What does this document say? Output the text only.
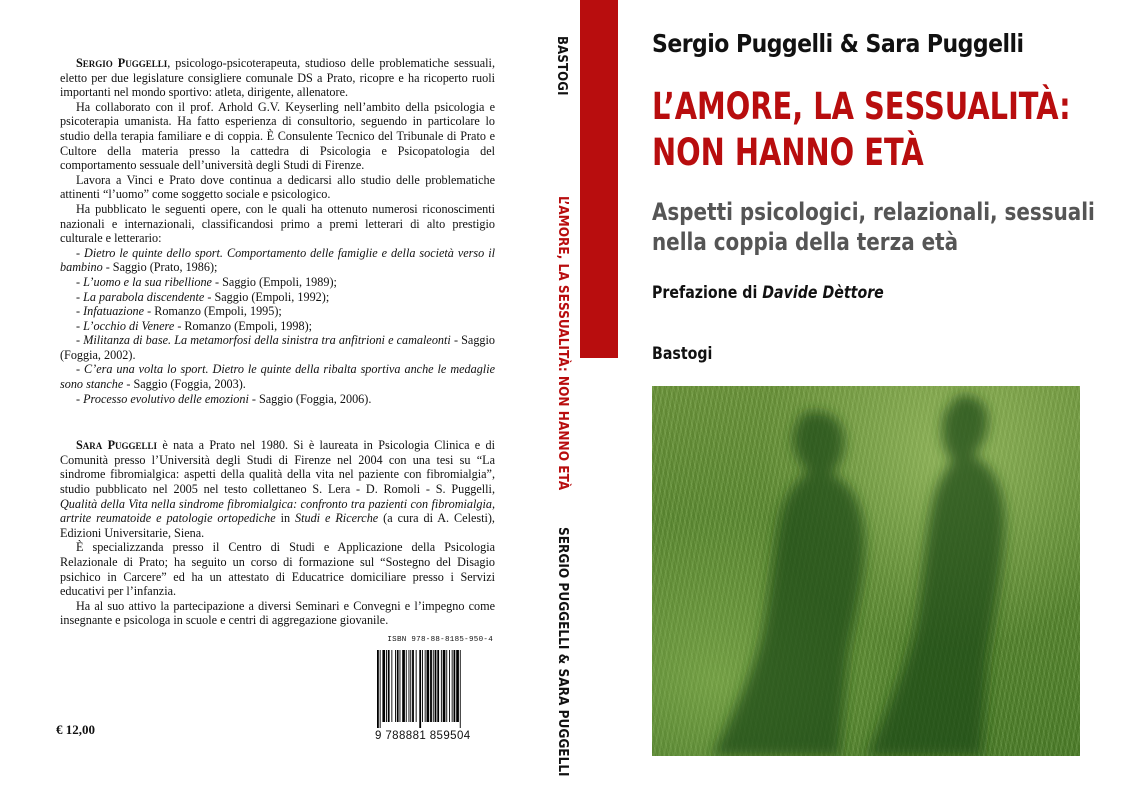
Sergio Puggelli, psicologo-psicoterapeuta, studioso delle problematiche sessuali, eletto per due legislature consigliere comunale DS a Prato, ricopre e ha ricoperto ruoli importanti nel mondo sportivo: atleta, dirigente, allenatore.

Ha collaborato con il prof. Arhold G.V. Keyserling nell’ambito della psicologia e psicoterapia umanista. Ha fatto esperienza di consultorio, seguendo in particolare lo studio della terapia familiare e di coppia. È Consulente Tecnico del Tribunale di Prato e Cultore della materia presso la cattedra di Psicologia e Psicopatologia del comportamento sessuale dell’università degli Studi di Firenze.

Lavora a Vinci e Prato dove continua a dedicarsi allo studio delle problematiche attinenti “l’uomo” come soggetto sociale e psicologico.

Ha pubblicato le seguenti opere, con le quali ha ottenuto numerosi riconoscimenti nazionali e internazionali, classificandosi primo a premi letterari di alto prestigio culturale e letterario:

- Dietro le quinte dello sport. Comportamento delle famiglie e della società verso il bambino - Saggio (Prato, 1986);

- L’uomo e la sua ribellione - Saggio (Empoli, 1989);

- La parabola discendente - Saggio (Empoli, 1992);

- Infatuazione - Romanzo (Empoli, 1995);

- L’occhio di Venere - Romanzo (Empoli, 1998);

- Militanza di base. La metamorfosi della sinistra tra anfitrioni e camaleonti - Saggio (Foggia, 2002).

- C’era una volta lo sport. Dietro le quinte della ribalta sportiva anche le medaglie sono stanche - Saggio (Foggia, 2003).

- Processo evolutivo delle emozioni - Saggio (Foggia, 2006).

Sara Puggelli è nata a Prato nel 1980. Si è laureata in Psicologia Clinica e di Comunità presso l’Università degli Studi di Firenze nel 2004 con una tesi su “La sindrome fibromialgica: aspetti della qualità della vita nel paziente con fibromialgia”, studio pubblicato nel 2005 nel testo collettaneo S. Lera - D. Romoli - S. Puggelli, Qualità della Vita nella sindrome fibromialgica: confronto tra pazienti con fibromialgia, artrite reumatoide e patologie ortopediche in Studi e Ricerche (a cura di A. Celesti), Edizioni Universitarie, Siena.

È specializzanda presso il Centro di Studi e Applicazione della Psicologia Relazionale di Prato; ha seguito un corso di formazione sul “Sostegno del Disagio psichico in Carcere” ed ha un attestato di Educatrice domiciliare presso i Servizi educativi per l’infanzia.

Ha al suo attivo la partecipazione a diversi Seminari e Convegni e l’impegno come insegnante e psicologa in scuole e centri di aggregazione giovanile.

€ 12,00
ISBN 978-88-8185-950-4
9 788881 859504
BASTOGI
L’AMORE, LA SESSUALITÀ: NON HANNO ETÀ
SERGIO PUGGELLI & SARA PUGGELLI
Sergio Puggelli & Sara Puggelli
L’AMORE, LA SESSUALITÀ:
NON HANNO ETÀ
Aspetti psicologici, relazionali, sessuali
nella coppia della terza età
Prefazione di Davide Dèttore
Bastogi
